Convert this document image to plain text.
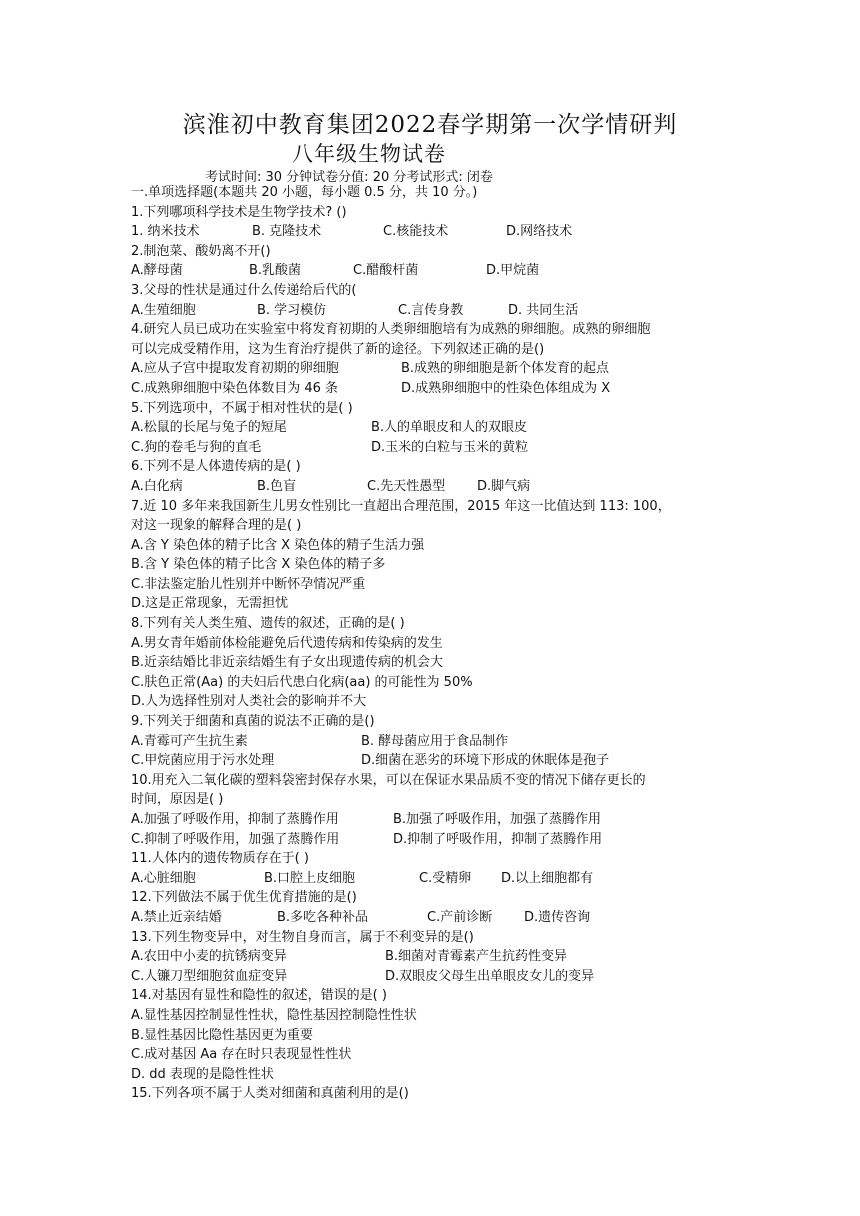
滨淮初中教育集团2022春学期第一次学情研判
八年级生物试卷
考试时间: 30 分钟试卷分值: 20 分考试形式: 闭卷
一.单项选择题(本题共 20 小题，每小题 0.5 分，共 10 分。)
1.下列哪项科学技术是生物学技术? ()
1. 纳米技术	B. 克隆技术	C.核能技术	D.网络技术
2.制泡菜、酸奶离不开()
A.酵母菌	B.乳酸菌	C.醋酸杆菌	D.甲烷菌
3.父母的性状是通过什么传递给后代的(
A.生殖细胞	B. 学习模仿	C.言传身教	D. 共同生活
4.研究人员已成功在实验室中将发育初期的人类卵细胞培有为成熟的卵细胞。成熟的卵细胞
可以完成受精作用，这为生育治疗提供了新的途径。下列叙述正确的是()
A.应从子宫中提取发育初期的卵细胞	B.成熟的卵细胞是新个体发育的起点
C.成熟卵细胞中染色体数目为 46 条	D.成熟卵细胞中的性染色体组成为 X
5.下列选项中，不属于相对性状的是( )
A.松鼠的长尾与兔子的短尾	B.人的单眼皮和人的双眼皮
C.狗的卷毛与狗的直毛	D.玉米的白粒与玉米的黄粒
6.下列不是人体遗传病的是( )
A.白化病	B.色盲	C.先天性愚型 D.脚气病
7.近 10 多年来我国新生儿男女性别比一直超出合理范围，2015 年这一比值达到 113: 100，
对这一现象的解释合理的是( )
A.含 Y 染色体的精子比含 X 染色体的精子生活力强
B.含 Y 染色体的精子比含 X 染色体的精子多
C.非法鉴定胎儿性别并中断怀孕情况严重
D.这是正常现象，无需担忧
8.下列有关人类生殖、遗传的叙述，正确的是( )
A.男女青年婚前体检能避免后代遗传病和传染病的发生
B.近亲结婚比非近亲结婚生有子女出现遗传病的机会大
C.肤色正常(Aa) 的夫妇后代患白化病(aa) 的可能性为 50%
D.人为选择性别对人类社会的影响并不大
9.下列关于细菌和真菌的说法不正确的是()
A.青霉可产生抗生素	B. 酵母菌应用于食品制作
C.甲烷菌应用于污水处理	D.细菌在恶劣的环境下形成的休眠体是孢子
10.用充入二氧化碳的塑料袋密封保存水果，可以在保证水果品质不变的情况下储存更长的
时间，原因是( )
A.加强了呼吸作用，抑制了蒸腾作用	B.加强了呼吸作用，加强了蒸腾作用
C.抑制了呼吸作用，加强了蒸腾作用	D.抑制了呼吸作用，抑制了蒸腾作用
11.人体内的遗传物质存在于( )
A.心脏细胞	B.口腔上皮细胞	C.受精卵 D.以上细胞都有
12.下列做法不属于优生优育措施的是()
A.禁止近亲结婚	B.多吃各种补品	C.产前诊断 D.遗传咨询
13.下列生物变异中，对生物自身而言，属于不利变异的是()
A.农田中小麦的抗锈病变异	B.细菌对青霉素产生抗药性变异
C.人镰刀型细胞贫血症变异	D.双眼皮父母生出单眼皮女儿的变异
14.对基因有显性和隐性的叙述，错误的是( )
A.显性基因控制显性性状，隐性基因控制隐性性状
B.显性基因比隐性基因更为重要
C.成对基因 Aa 存在时只表现显性性状
D. dd 表现的是隐性性状
15.下列各项不属于人类对细菌和真菌利用的是()
